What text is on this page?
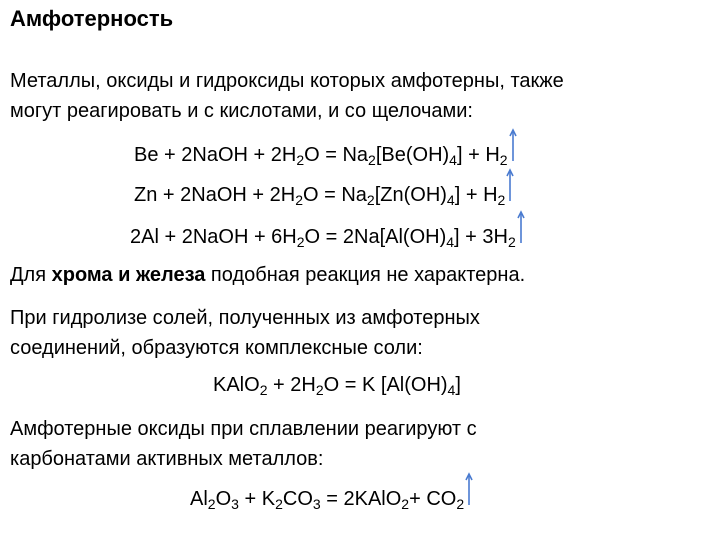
Амфотерность
Металлы, оксиды и гидроксиды которых амфотерны, также
могут реагировать и с кислотами, и со щелочами:
Be + 2NaOH + $2H_2O = Na_2[Be(OH)_4] + H_2$
Zn + 2NaOH + $2H_2O = Na_2[Zn(OH)_4] + H_2$
2Al + 2NaOH + $6H_2O = 2Na[Al(OH)_4] + 3H_2$
Для хрома и железа подобная реакция не характерна.
При гидролизе солей, полученных из амфотерных
соединений, образуются комплексные соли:
KAlO$_2$ + $2H_2O = K$ $[Al(OH)_4]$
Амфотерные оксиды при сплавлении реагируют с
карбонатами активных металлов:
$Al_2O_3 + K_2CO_3$ = 2KAlO$_2$+ $CO_2$
